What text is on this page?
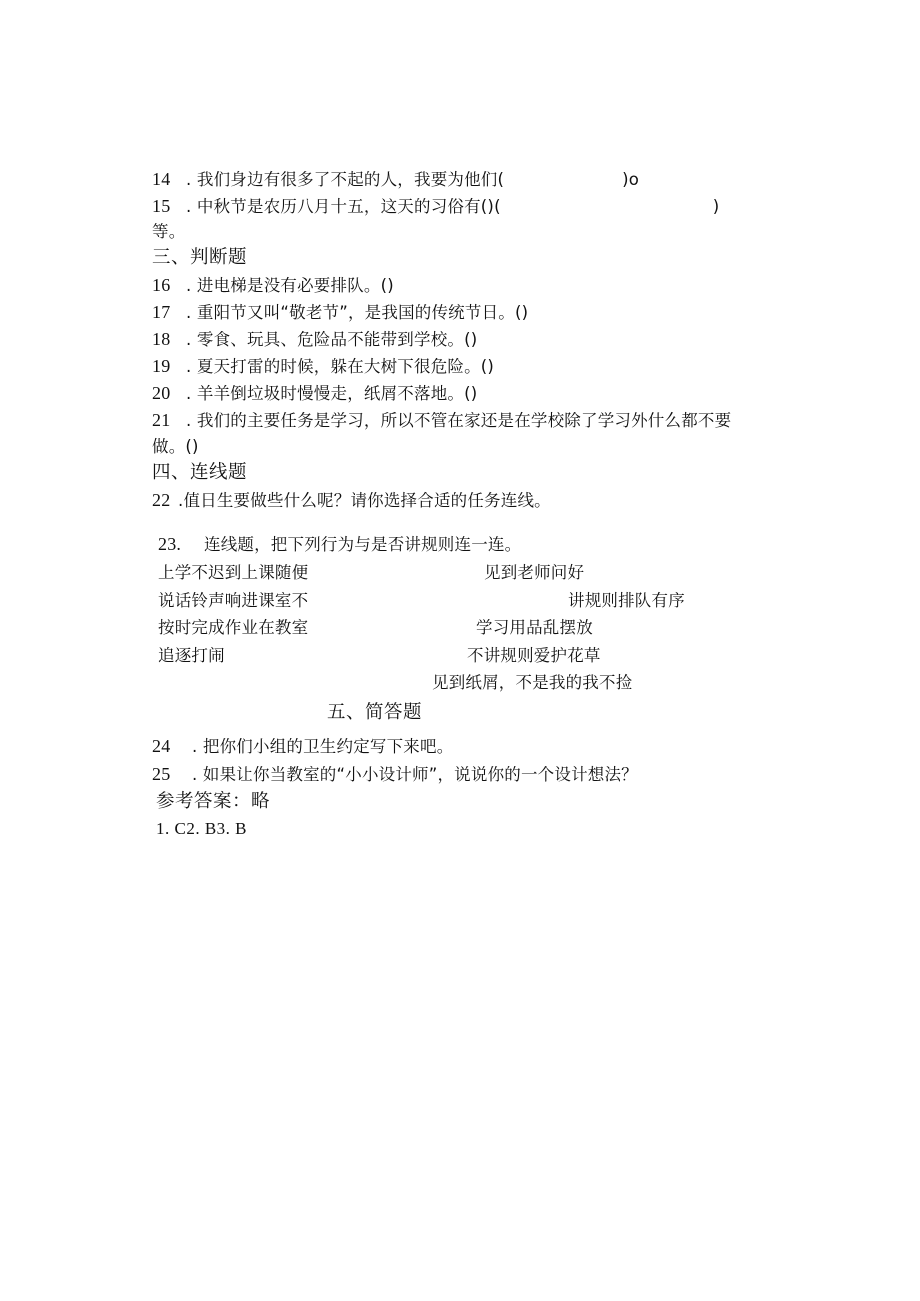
14 . 我们身边有很多了不起的人，我要为他们(	)o
15 . 中秋节是农历八月十五，这天的习俗有()(	)
等。
三、判断题
16 . 进电梯是没有必要排队。()
17 . 重阳节又叫“敬老节”，是我国的传统节日。()
18 . 零食、玩具、危险品不能带到学校。()
19 . 夏天打雷的时候，躲在大树下很危险。()
20 . 羊羊倒垃圾时慢慢走，纸屑不落地。()
21 . 我们的主要任务是学习，所以不管在家还是在学校除了学习外什么都不要
做。()
四、连线题
22 .值日生要做些什么呢？请你选择合适的任务连线。
23. 连线题，把下列行为与是否讲规则连一连。
上学不迟到上课随便
说话铃声响进课室不
按时完成作业在教室
追逐打闹
见到老师问好
讲规则排队有序
学习用品乱摆放
不讲规则爱护花草
见到纸屑，不是我的我不捡
五、简答题
24 . 把你们小组的卫生约定写下来吧。
25 . 如果让你当教室的“小小设计师”，说说你的一个设计想法？
参考答案：略
1. C2. B3. B
